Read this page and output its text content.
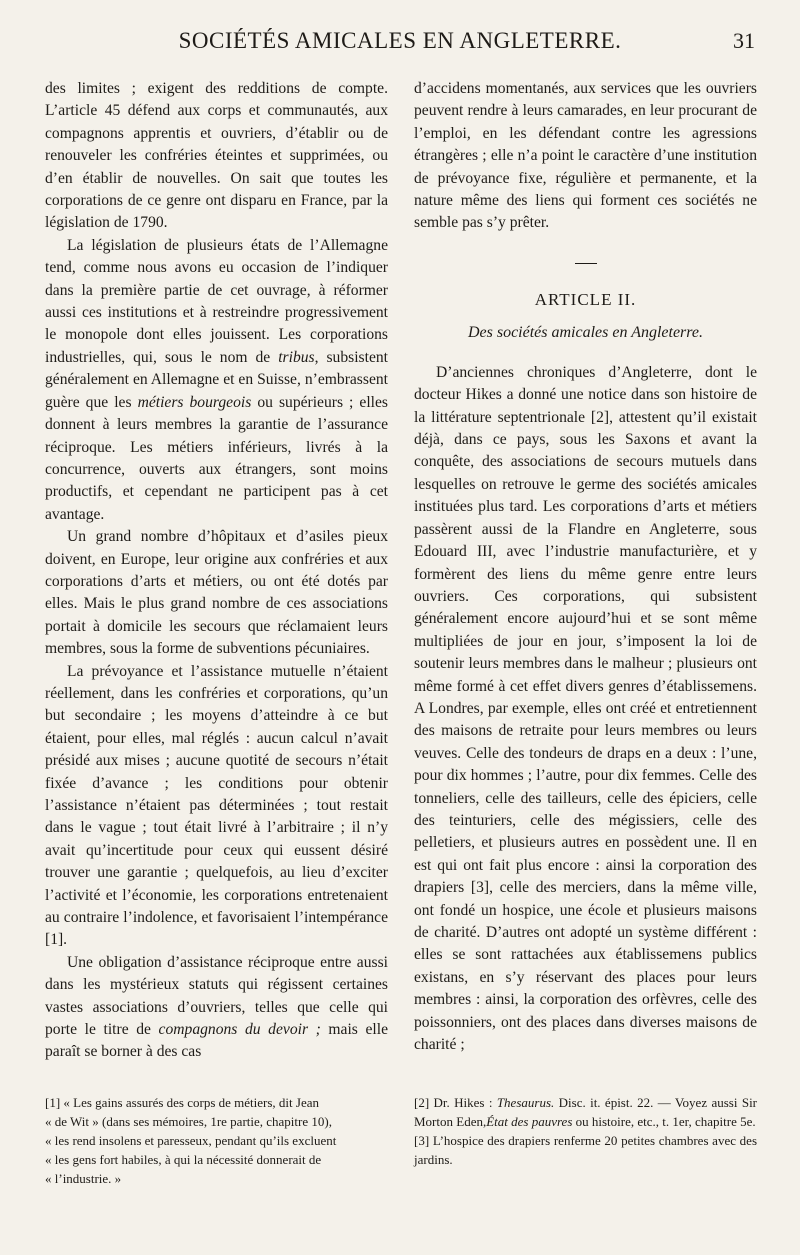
SOCIÉTÉS AMICALES EN ANGLETERRE.	31

des limites ; exigent des redditions de compte. L’article 45 défend aux corps et communautés, aux compagnons apprentis et ouvriers, d’établir ou de renouveler les confréries éteintes et supprimées, ou d’en établir de nouvelles. On sait que toutes les corporations de ce genre ont disparu en France, par la législation de 1790.

La législation de plusieurs états de l’Allemagne tend, comme nous avons eu occasion de l’indiquer dans la première partie de cet ouvrage, à réformer aussi ces institutions et à restreindre progressivement le monopole dont elles jouissent. Les corporations industrielles, qui, sous le nom de tribus, subsistent généralement en Allemagne et en Suisse, n’embrassent guère que les métiers bourgeois ou supérieurs ; elles donnent à leurs membres la garantie de l’assurance réciproque. Les métiers inférieurs, livrés à la concurrence, ouverts aux étrangers, sont moins productifs, et cependant ne participent pas à cet avantage.

Un grand nombre d’hôpitaux et d’asiles pieux doivent, en Europe, leur origine aux confréries et aux corporations d’arts et métiers, ou ont été dotés par elles. Mais le plus grand nombre de ces associations portait à domicile les secours que réclamaient leurs membres, sous la forme de subventions pécuniaires.

La prévoyance et l’assistance mutuelle n’étaient réellement, dans les confréries et corporations, qu’un but secondaire ; les moyens d’atteindre à ce but étaient, pour elles, mal réglés : aucun calcul n’avait présidé aux mises ; aucune quotité de secours n’était fixée d’avance ; les conditions pour obtenir l’assistance n’étaient pas déterminées ; tout restait dans le vague ; tout était livré à l’arbitraire ; il n’y avait qu’incertitude pour ceux qui eussent désiré trouver une garantie ; quelquefois, au lieu d’exciter l’activité et l’économie, les corporations entretenaient au contraire l’indolence, et favorisaient l’intempérance [1].

Une obligation d’assistance réciproque entre aussi dans les mystérieux statuts qui régissent certaines vastes associations d’ouvriers, telles que celle qui porte le titre de compagnons du devoir ; mais elle paraît se borner à des cas

d’accidens momentanés, aux services que les ouvriers peuvent rendre à leurs camarades, en leur procurant de l’emploi, en les défendant contre les agressions étrangères ; elle n’a point le caractère d’une institution de prévoyance fixe, régulière et permanente, et la nature même des liens qui forment ces sociétés ne semble pas s’y prêter.

ARTICLE II.
Des sociétés amicales en Angleterre.

D’anciennes chroniques d’Angleterre, dont le docteur Hikes a donné une notice dans son histoire de la littérature septentrionale [2], attestent qu’il existait déjà, dans ce pays, sous les Saxons et avant la conquête, des associations de secours mutuels dans lesquelles on retrouve le germe des sociétés amicales instituées plus tard. Les corporations d’arts et métiers passèrent aussi de la Flandre en Angleterre, sous Edouard III, avec l’industrie manufacturière, et y formèrent des liens du même genre entre leurs ouvriers. Ces corporations, qui subsistent généralement encore aujourd’hui et se sont même multipliées de jour en jour, s’imposent la loi de soutenir leurs membres dans le malheur ; plusieurs ont même formé à cet effet divers genres d’établissemens. A Londres, par exemple, elles ont créé et entretiennent des maisons de retraite pour leurs membres ou leurs veuves. Celle des tondeurs de draps en a deux : l’une, pour dix hommes ; l’autre, pour dix femmes. Celle des tonneliers, celle des tailleurs, celle des épiciers, celle des teinturiers, celle des mégissiers, celle des pelletiers, et plusieurs autres en possèdent une. Il en est qui ont fait plus encore : ainsi la corporation des drapiers [3], celle des merciers, dans la même ville, ont fondé un hospice, une école et plusieurs maisons de charité. D’autres ont adopté un système différent : elles se sont rattachées aux établissemens publics existans, en s’y réservant des places pour leurs membres : ainsi, la corporation des orfèvres, celle des poissonniers, ont des places dans diverses maisons de charité ;

[1] « Les gains assurés des corps de métiers, dit Jean

« de Wit » (dans ses mémoires, 1re partie, chapitre 10),

« les rend insolens et paresseux, pendant qu’ils excluent

« les gens fort habiles, à qui la nécessité donnerait de

« l’industrie. »

[2] Dr. Hikes : Thesaurus. Disc. it. épist. 22. — Voyez aussi Sir Morton Eden,État des pauvres ou histoire, etc., t. 1er, chapitre 5e.

[3] L’hospice des drapiers renferme 20 petites chambres avec des jardins.
